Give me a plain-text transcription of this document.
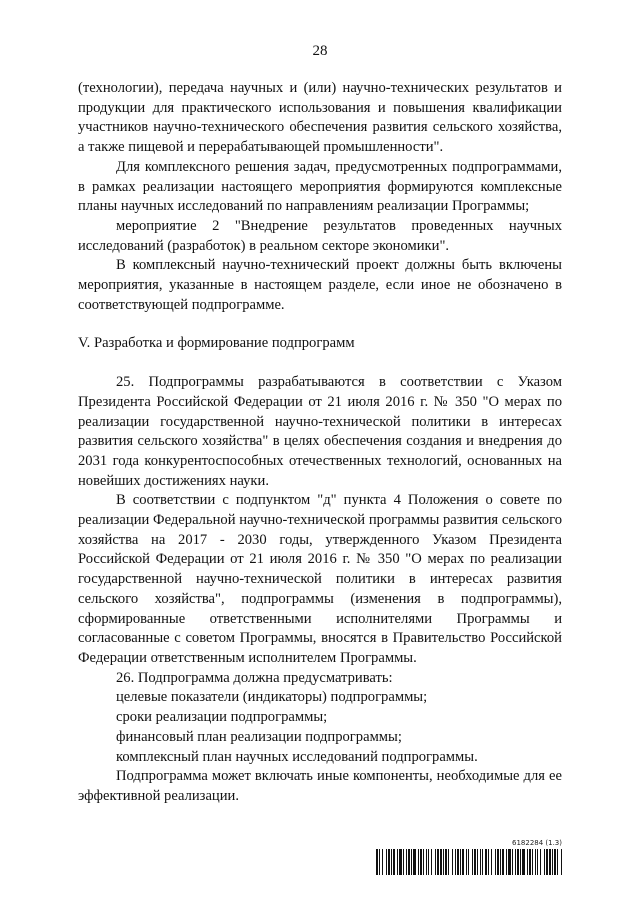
28

(технологии), передача научных и (или) научно-технических результатов и продукции для практического использования и повышения квалификации участников научно-технического обеспечения развития сельского хозяйства, а также пищевой и перерабатывающей промышленности".

Для комплексного решения задач, предусмотренных подпрограммами, в рамках реализации настоящего мероприятия формируются комплексные планы научных исследований по направлениям реализации Программы;

мероприятие 2 "Внедрение результатов проведенных научных исследований (разработок) в реальном секторе экономики".

В комплексный научно-технический проект должны быть включены мероприятия, указанные в настоящем разделе, если иное не обозначено в соответствующей подпрограмме.

V. Разработка и формирование подпрограмм

25. Подпрограммы разрабатываются в соответствии с Указом Президента Российской Федерации от 21 июля 2016 г. № 350 "О мерах по реализации государственной научно-технической политики в интересах развития сельского хозяйства" в целях обеспечения создания и внедрения до 2031 года конкурентоспособных отечественных технологий, основанных на новейших достижениях науки.

В соответствии с подпунктом "д" пункта 4 Положения о совете по реализации Федеральной научно-технической программы развития сельского хозяйства на 2017 - 2030 годы, утвержденного Указом Президента Российской Федерации от 21 июля 2016 г. № 350 "О мерах по реализации государственной научно-технической политики в интересах развития сельского хозяйства", подпрограммы (изменения в подпрограммы), сформированные ответственными исполнителями Программы и согласованные с советом Программы, вносятся в Правительство Российской Федерации ответственным исполнителем Программы.

26. Подпрограмма должна предусматривать:

целевые показатели (индикаторы) подпрограммы;

сроки реализации подпрограммы;

финансовый план реализации подпрограммы;

комплексный план научных исследований подпрограммы.

Подпрограмма может включать иные компоненты, необходимые для ее эффективной реализации.

6182284 (1.3)
